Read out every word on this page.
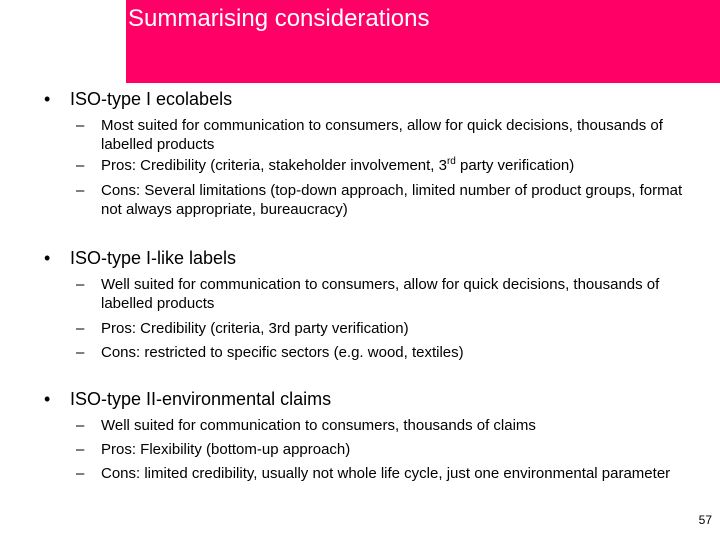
Summarising considerations
• ISO-type I ecolabels
– Most suited for communication to consumers, allow for quick decisions, thousands of labelled products
– Pros: Credibility (criteria, stakeholder involvement, 3rd party verification)
– Cons: Several limitations (top-down approach, limited number of product groups, format not always appropriate, bureaucracy)
• ISO-type I-like labels
– Well suited for communication to consumers, allow for quick decisions, thousands of labelled products
– Pros: Credibility (criteria, 3rd party verification)
– Cons: restricted to specific sectors (e.g. wood, textiles)
• ISO-type II-environmental claims
– Well suited for communication to consumers, thousands of claims
– Pros: Flexibility (bottom-up approach)
– Cons: limited credibility, usually not whole life cycle, just one environmental parameter
57
